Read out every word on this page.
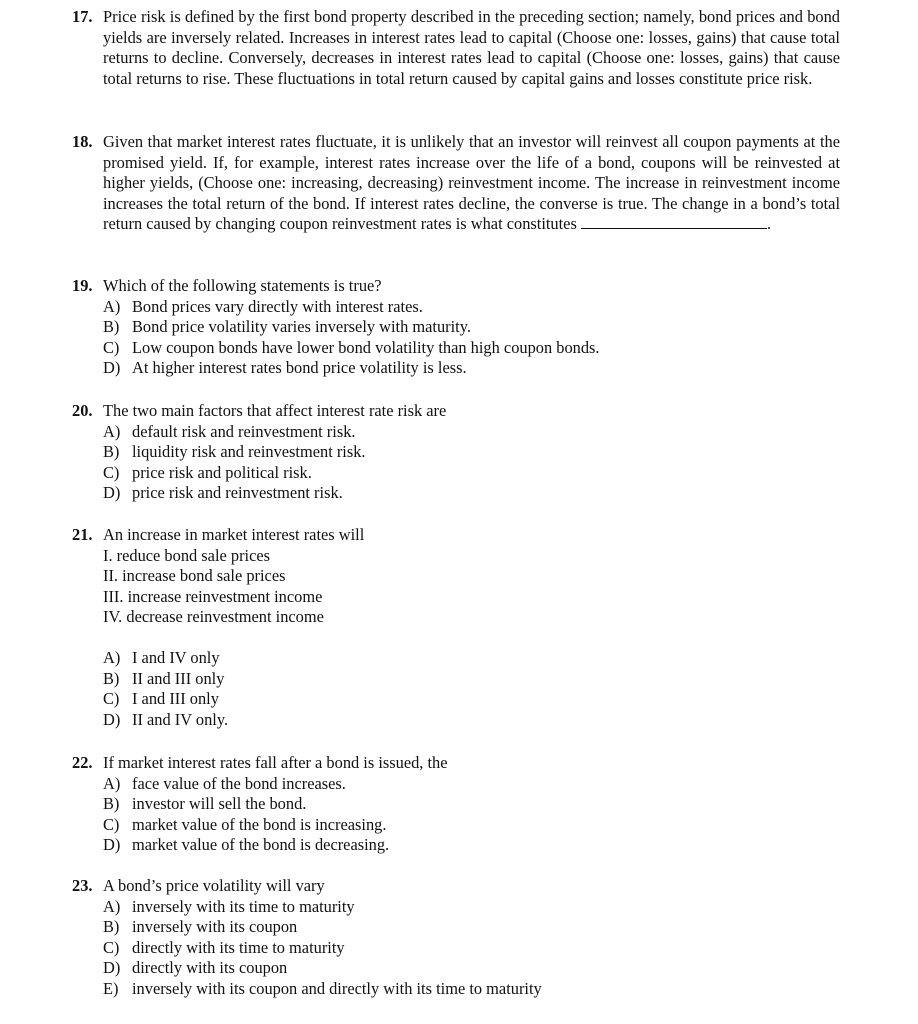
17. Price risk is defined by the first bond property described in the preceding section; namely, bond prices and bond yields are inversely related. Increases in interest rates lead to capital (Choose one: losses, gains) that cause total returns to decline. Conversely, decreases in interest rates lead to capital (Choose one: losses, gains) that cause total returns to rise. These fluctuations in total return caused by capital gains and losses constitute price risk.
18. Given that market interest rates fluctuate, it is unlikely that an investor will reinvest all coupon payments at the promised yield. If, for example, interest rates increase over the life of a bond, coupons will be reinvested at higher yields, (Choose one: increasing, decreasing) reinvestment income. The increase in reinvestment income increases the total return of the bond. If interest rates decline, the converse is true. The change in a bond’s total return caused by changing coupon reinvestment rates is what constitutes	.
19. Which of the following statements is true?
A) Bond prices vary directly with interest rates.
B) Bond price volatility varies inversely with maturity.
C) Low coupon bonds have lower bond volatility than high coupon bonds.
D) At higher interest rates bond price volatility is less.
20. The two main factors that affect interest rate risk are
A) default risk and reinvestment risk.
B) liquidity risk and reinvestment risk.
C) price risk and political risk.
D) price risk and reinvestment risk.
21. An increase in market interest rates will
I. reduce bond sale prices
II. increase bond sale prices
III. increase reinvestment income
IV. decrease reinvestment income
A) I and IV only
B) II and III only
C) I and III only
D) II and IV only.
22. If market interest rates fall after a bond is issued, the
A) face value of the bond increases.
B) investor will sell the bond.
C) market value of the bond is increasing.
D) market value of the bond is decreasing.
23. A bond’s price volatility will vary
A) inversely with its time to maturity
B) inversely with its coupon
C) directly with its time to maturity
D) directly with its coupon
E) inversely with its coupon and directly with its time to maturity
